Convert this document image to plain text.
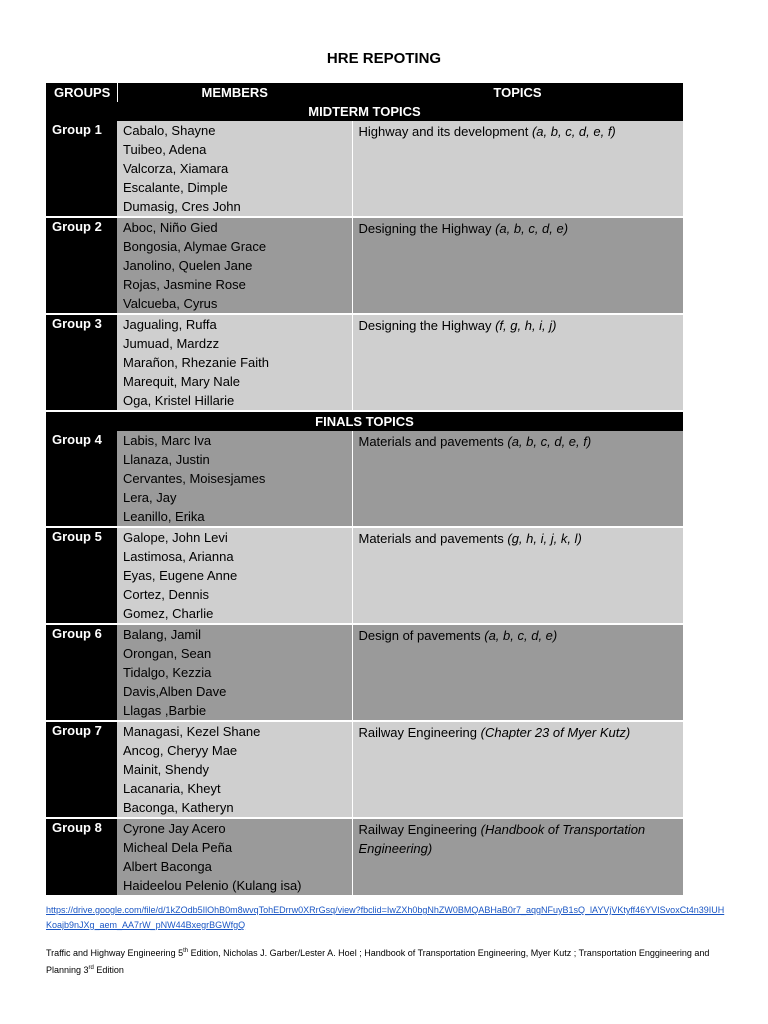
HRE REPOTING
GROUPS	MEMBERS	TOPICS
MIDTERM TOPICS		
Group 1	Cabalo, Shayne
Tuibeo, Adena
Valcorza, Xiamara
Escalante, Dimple
Dumasig, Cres John	Highway and its development (a, b, c, d, e, f)
Group 2	Aboc, Niño Gied
Bongosia, Alymae Grace
Janolino, Quelen Jane
Rojas, Jasmine Rose
Valcueba, Cyrus	Designing the Highway (a, b, c, d, e)
Group 3	Jagualing, Ruffa
Jumuad, Mardzz
Marañon, Rhezanie Faith
Marequit, Mary Nale
Oga, Kristel Hillarie	Designing the Highway (f, g, h, i, j)
FINALS TOPICS		
Group 4	Labis, Marc Iva
Llanaza, Justin
Cervantes, Moisesjames
Lera, Jay
Leanillo, Erika	Materials and pavements (a, b, c, d, e, f)
Group 5	Galope, John Levi
Lastimosa, Arianna
Eyas, Eugene Anne
Cortez, Dennis
Gomez, Charlie	Materials and pavements (g, h, i, j, k, l)
Group 6	Balang, Jamil
Orongan, Sean
Tidalgo, Kezzia
Davis,Alben Dave
Llagas ,Barbie	Design of pavements (a, b, c, d, e)
Group 7	Managasi, Kezel Shane
Ancog, Cheryy Mae
Mainit, Shendy
Lacanaria, Kheyt
Baconga, Katheryn	Railway Engineering (Chapter 23 of Myer Kutz)
Group 8	Cyrone Jay Acero
Micheal Dela Peña
Albert Baconga
Haideelou Pelenio (Kulang isa)	Railway Engineering (Handbook of Transportation Engineering)
REFERENCE:
https://drive.google.com/file/d/1kZOdb5IlOhB0m8wvqTohEDrrw0XRrGsq/view?fbclid=IwZXh0bgNhZW0BMQABHaB0r7_aqgNFuyB1sQ_lAYVjVKtyff46YVISvoxCt4n39IUHKoajb9nJXg_aem_AA7rW_pNW44BxegrBGWfgQ
Traffic and Highway Engineering 5th Edition, Nicholas J. Garber/Lester A. Hoel ; Handbook of Transportation Engineering, Myer Kutz ; Transportation Enggineering and Planning 3rd Edition
